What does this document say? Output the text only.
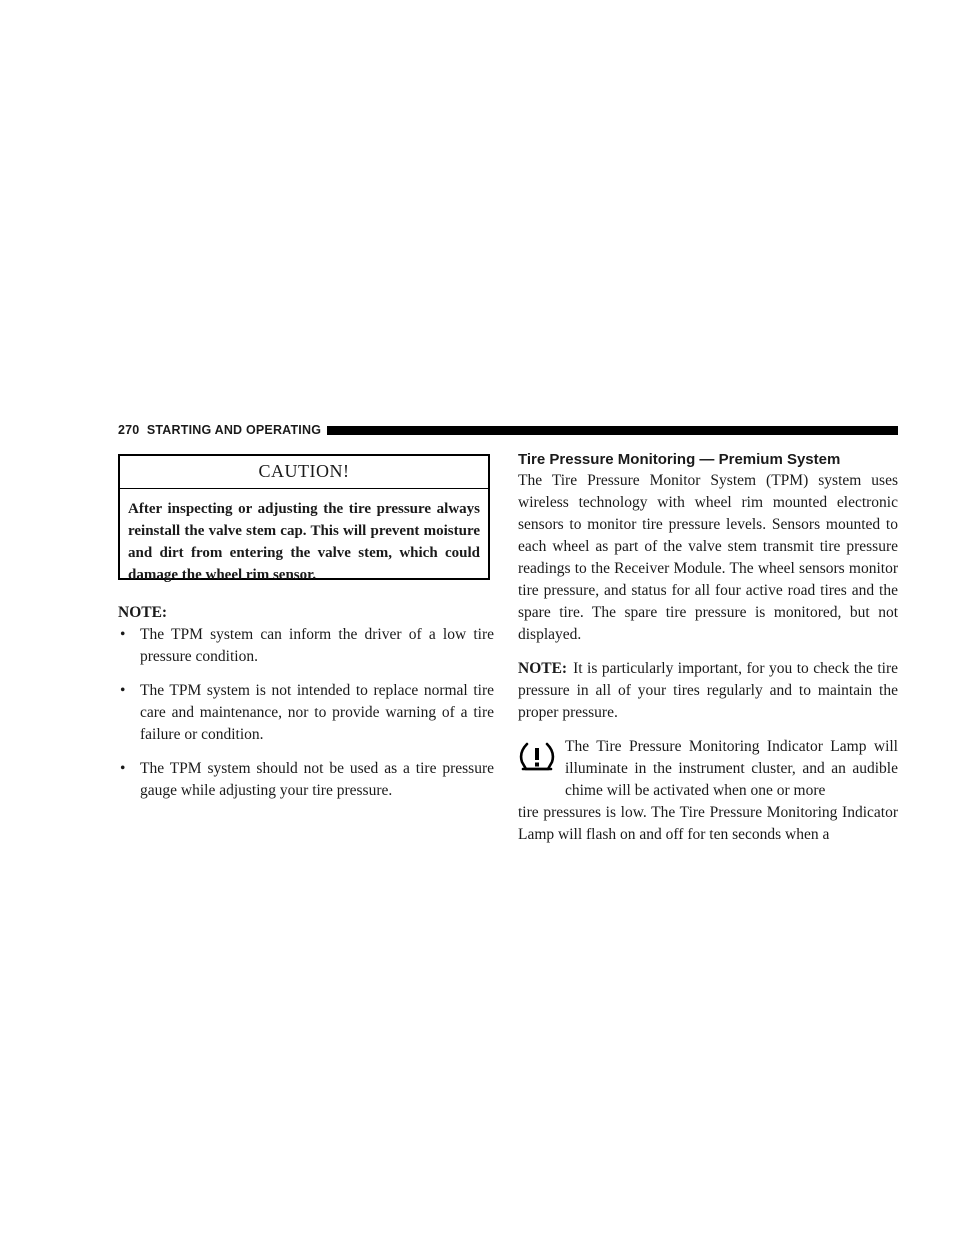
270 STARTING AND OPERATING
CAUTION!
After inspecting or adjusting the tire pressure always reinstall the valve stem cap. This will prevent moisture and dirt from entering the valve stem, which could damage the wheel rim sensor.
NOTE:
• The TPM system can inform the driver of a low tire pressure condition.
• The TPM system is not intended to replace normal tire care and maintenance, nor to provide warning of a tire failure or condition.
• The TPM system should not be used as a tire pressure gauge while adjusting your tire pressure.
Tire Pressure Monitoring — Premium System

The Tire Pressure Monitor System (TPM) system uses wireless technology with wheel rim mounted electronic sensors to monitor tire pressure levels. Sensors mounted to each wheel as part of the valve stem transmit tire pressure readings to the Receiver Module. The wheel sensors monitor tire pressure, and status for all four active road tires and the spare tire. The spare tire pressure is monitored, but not displayed.

NOTE: It is particularly important, for you to check the tire pressure in all of your tires regularly and to maintain the proper pressure.

The Tire Pressure Monitoring Indicator Lamp will illuminate in the instrument cluster, and an audible chime will be activated when one or more
tire pressures is low. The Tire Pressure Monitoring Indicator Lamp will flash on and off for ten seconds when a
